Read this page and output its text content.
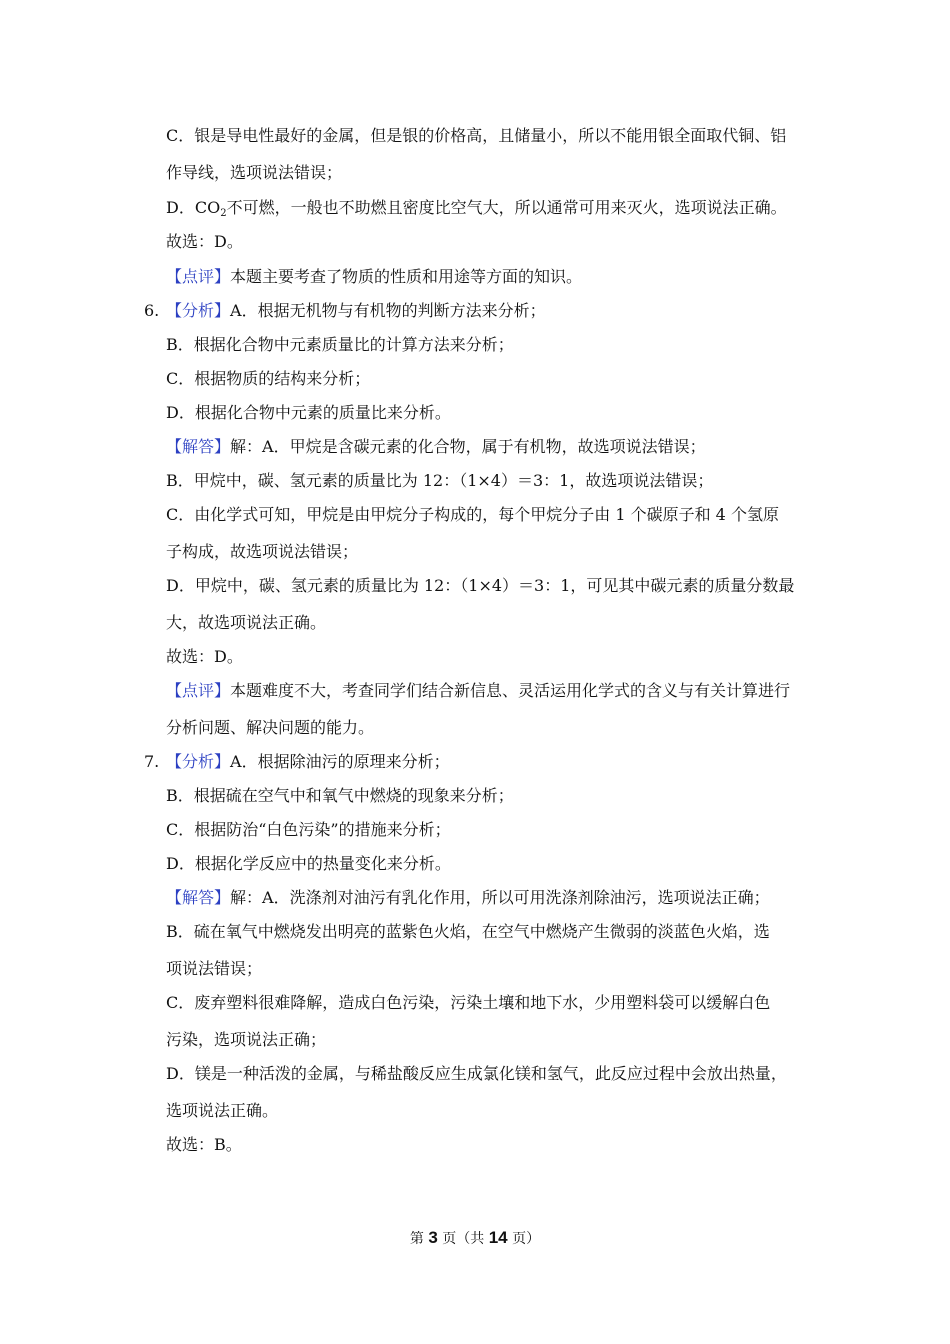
C．银是导电性最好的金属，但是银的价格高，且储量小，所以不能用银全面取代铜、铝
作导线，选项说法错误；
D．$CO_2$不可燃，一般也不助燃且密度比空气大，所以通常可用来灭火，选项说法正确。
故选：D。
【点评】本题主要考查了物质的性质和用途等方面的知识。
6. 【分析】A．根据无机物与有机物的判断方法来分析；
B．根据化合物中元素质量比的计算方法来分析；
C．根据物质的结构来分析；
D．根据化合物中元素的质量比来分析。
【解答】解：A．甲烷是含碳元素的化合物，属于有机物，故选项说法错误；
B．甲烷中，碳、氢元素的质量比为 12：（1×4）＝3：1，故选项说法错误；
C．由化学式可知，甲烷是由甲烷分子构成的，每个甲烷分子由 1 个碳原子和 4 个氢原
子构成，故选项说法错误；
D．甲烷中，碳、氢元素的质量比为 12：（1×4）＝3：1，可见其中碳元素的质量分数最
大，故选项说法正确。
故选：D。
【点评】本题难度不大，考查同学们结合新信息、灵活运用化学式的含义与有关计算进行
分析问题、解决问题的能力。
7. 【分析】A．根据除油污的原理来分析；
B．根据硫在空气中和氧气中燃烧的现象来分析；
C．根据防治“白色污染”的措施来分析；
D．根据化学反应中的热量变化来分析。
【解答】解：A．洗涤剂对油污有乳化作用，所以可用洗涤剂除油污，选项说法正确；
B．硫在氧气中燃烧发出明亮的蓝紫色火焰，在空气中燃烧产生微弱的淡蓝色火焰，选
项说法错误；
C．废弃塑料很难降解，造成白色污染，污染土壤和地下水，少用塑料袋可以缓解白色
污染，选项说法正确；
D．镁是一种活泼的金属，与稀盐酸反应生成氯化镁和氢气，此反应过程中会放出热量，
选项说法正确。
故选：B。
第 3 页（共 14 页）
